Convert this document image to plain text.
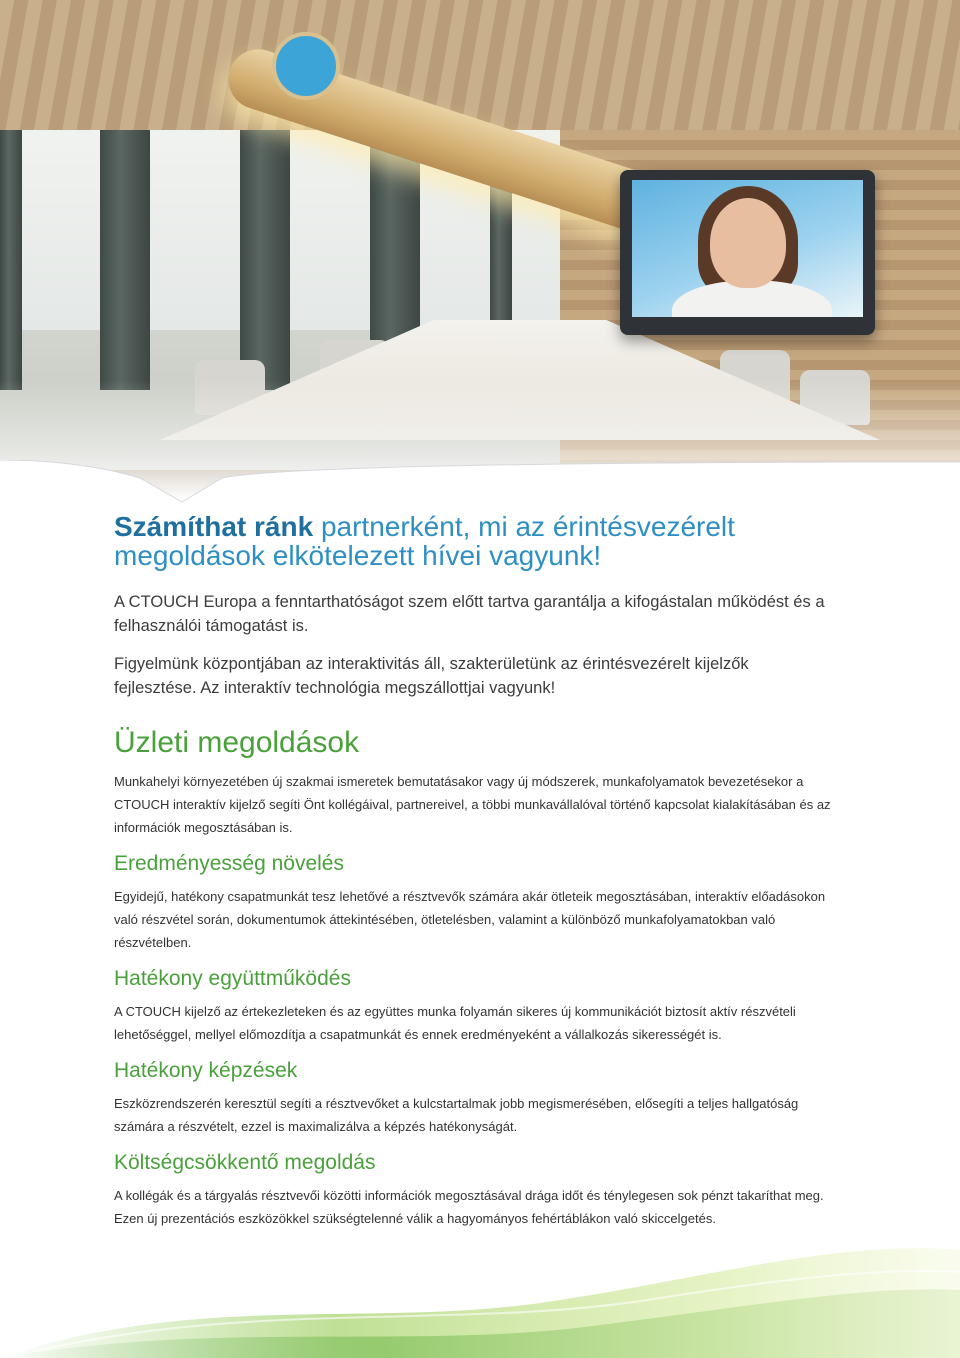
Számíthat ránk partnerként, mi az érintésvezérelt
megoldások elkötelezett hívei vagyunk!

A CTOUCH Europa a fenntarthatóságot szem előtt tartva garantálja a kifogástalan működést és a felhasználói támogatást is.

Figyelmünk központjában az interaktivitás áll, szakterületünk az érintésvezérelt kijelzők fejlesztése. Az interaktív technológia megszállottjai vagyunk!

Üzleti megoldások

Munkahelyi környezetében új szakmai ismeretek bemutatásakor vagy új módszerek, munkafolyamatok bevezetésekor a CTOUCH interaktív kijelző segíti Önt kollégáival, partnereivel, a többi munkavállalóval történő kapcsolat kialakításában és az információk megosztásában is.

Eredményesség növelés

Egyidejű, hatékony csapatmunkát tesz lehetővé a résztvevők számára akár ötleteik megosztásában, interaktív előadásokon való részvétel során, dokumentumok áttekintésében, ötletelésben, valamint a különböző munkafolyamatokban való részvételben.

Hatékony együttműködés

A CTOUCH kijelző az értekezleteken és az együttes munka folyamán sikeres új kommunikációt biztosít aktív részvételi lehetőséggel, mellyel előmozdítja a csapatmunkát és ennek eredményeként a vállalkozás sikerességét is.

Hatékony képzések

Eszközrendszerén keresztül segíti a résztvevőket a kulcstartalmak jobb megismerésében, elősegíti a teljes hallgatóság számára a részvételt, ezzel is maximalizálva a képzés hatékonyságát.

Költségcsökkentő megoldás

A kollégák és a tárgyalás résztvevői közötti információk megosztásával drága időt és ténylegesen sok pénzt takaríthat meg. Ezen új prezentációs eszközökkel szükségtelenné válik a hagyományos fehértáblákon való skiccelgetés.
